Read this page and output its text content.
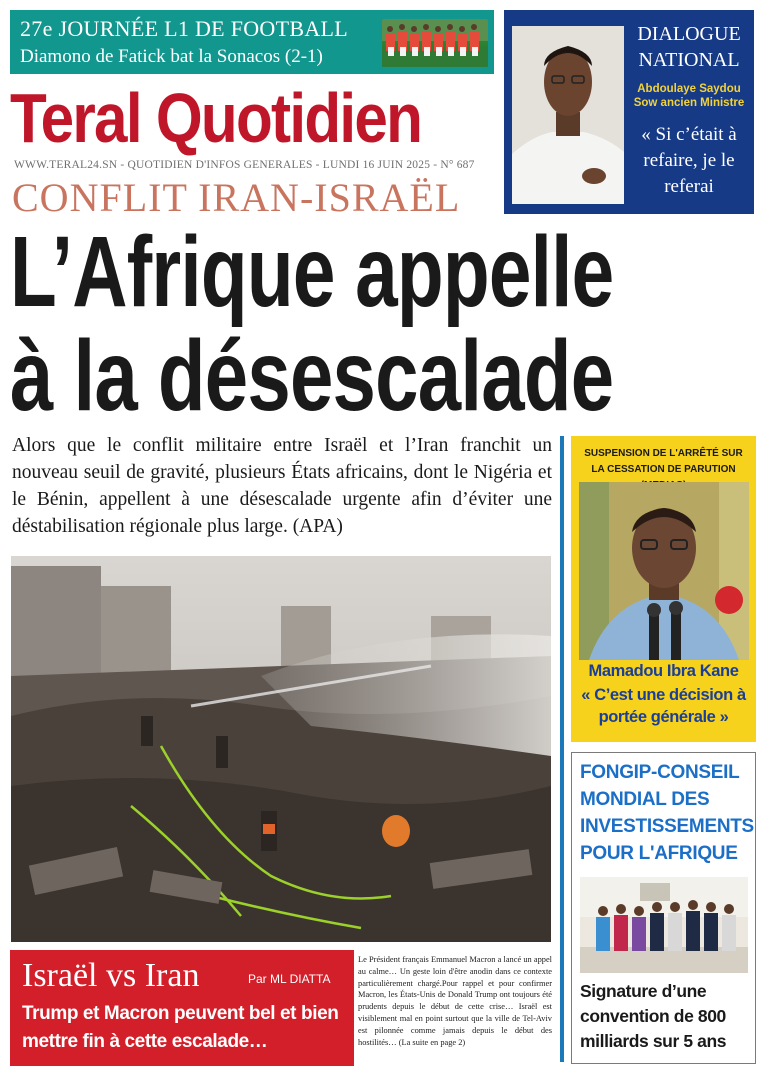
27e JOURNÉE L1 DE FOOTBALL
Diamono de Fatick bat la Sonacos (2-1)
Teral Quotidien
WWW.TERAL24.SN - QUOTIDIEN D'INFOS GENERALES - LUNDI 16 JUIN 2025 - N° 687
DIALOGUE
NATIONAL
Abdoulaye Saydou Sow ancien Ministre
« Si c’était à refaire, je le referai
CONFLIT IRAN-ISRAËL
L’Afrique appelle
à la désescalade
Alors que le conflit militaire entre Israël et l’Iran franchit un nouveau seuil de gravité, plusieurs États africains, dont le Nigéria et le Bénin, appellent à une désescalade urgente afin d’éviter une déstabilisation régionale plus large. (APA)
Israël vs Iran	Par ML DIATTA
Trump et Macron peuvent bel et bien mettre fin à cette escalade…
Le Président français Emmanuel Macron a lancé un appel au calme… Un geste loin d'être anodin dans ce contexte particulièrement chargé.Pour rappel et pour confirmer Macron, les États-Unis de Donald Trump ont toujours été prudents depuis le début de cette crise… Israël est visiblement mal en point surtout que la ville de Tel-Aviv est pilonnée comme jamais depuis le début des hostilités… (La suite en page 2)
SUSPENSION DE L'ARRÊTÉ SUR LA CESSATION DE PARUTION
Mamadou Ibra Kane
« C’est une décision à portée générale »
FONGIP-CONSEIL MONDIAL DES INVESTISSEMENTS POUR L'AFRIQUE
Signature d’une convention de 800 milliards sur 5 ans
